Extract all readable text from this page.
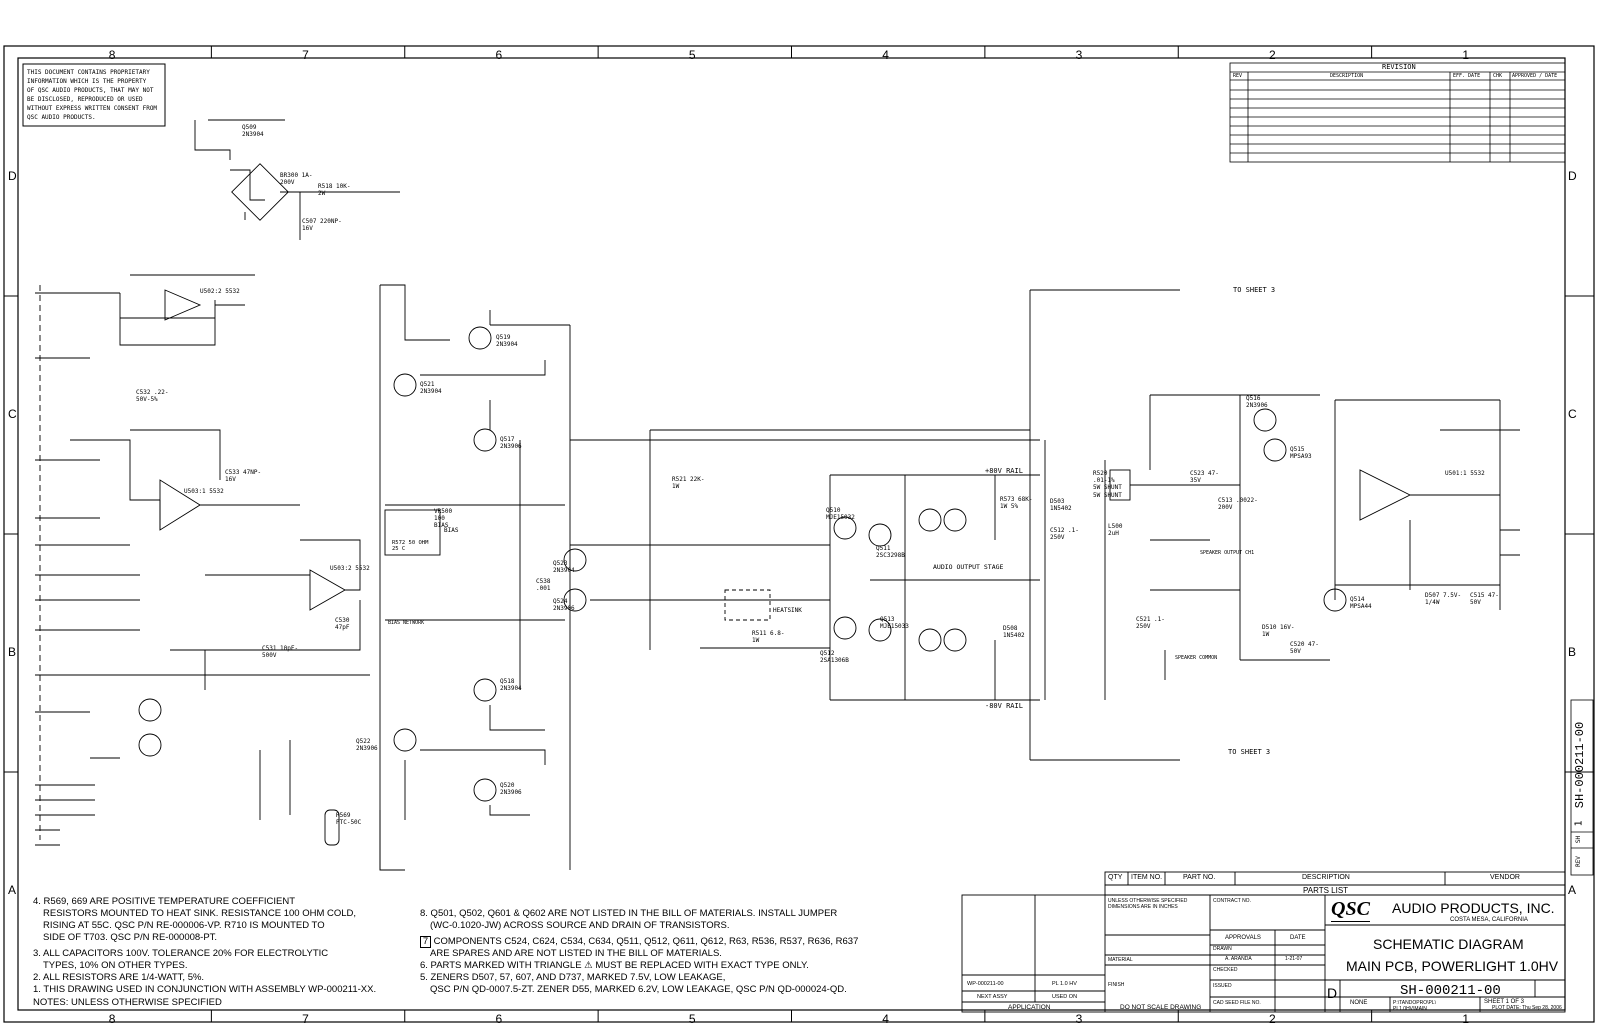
8
8
7
7
6
6
5
5
4
4
3
3
2
2
1
1
D	D
C	C
B	B
A	A
THIS DOCUMENT CONTAINS PROPRIETARY
INFORMATION WHICH IS THE PROPERTY
OF QSC AUDIO PRODUCTS, THAT MAY NOT
BE DISCLOSED, REPRODUCED OR USED
WITHOUT EXPRESS WRITTEN CONSENT FROM
QSC AUDIO PRODUCTS.
REVISION
REV	DESCRIPTION	EFF. DATE	CHK APPROVED / DATE
TO SHEET 3
TO SHEET 3
+80V RAIL
-80V RAIL
AUDIO OUTPUT STAGE
HEATSINK
BIAS
BIAS NETWORK
SPEAKER OUTPUT CH1
SPEAKER COMMON
5W SHUNT
U502:2 5532
U503:1 5532
U503:2 5532
U501:1 5532
BR300 1A-200V
Q509 2N3904
Q519 2N3904
Q521 2N3904
Q517 2N3906
Q523 2N3904
Q524 2N3906
Q518 2N3904
Q522 2N3906
Q520 2N3906
Q510 MJE15032
Q511 2SC3298B
Q513 MJE15033
Q512 2SA1306B
Q515 MPSA93
Q514 MPSA44
Q516 2N3906
R573 68K-1W 5%
L500 2uH
D503 1N5402
D508 1N5402
R520 .01-1% 5W SHUNT
R569 PTC-50C
C507 220NP-16V
R518 10K-2W
R521 22K-1W
R511 6.8-1W
D510 16V-1W
D507 7.5V-1/4W
VR500 100 BIAS
R572 50 OHM 25 C
C538 .001
C530 47pF
C531 10pF-500V
C532 .22-50V-5%
C533 47NP-16V
C523 47-35V
C513 .0022-200V
C512 .1-250V
C521 .1-250V
C520 47-50V
C515 47-50V
4. R569, 669 ARE POSITIVE TEMPERATURE COEFFICIENT
RESISTORS MOUNTED TO HEAT SINK. RESISTANCE 100 OHM COLD,
RISING AT 55C. QSC P/N RE-000006-VP. R710 IS MOUNTED TO
SIDE OF T703. QSC P/N RE-000008-PT.
3. ALL CAPACITORS 100V. TOLERANCE 20% FOR ELECTROLYTIC
TYPES, 10% ON OTHER TYPES.
2. ALL RESISTORS ARE 1/4-WATT, 5%.
1. THIS DRAWING USED IN CONJUNCTION WITH ASSEMBLY WP-000211-XX.
NOTES: UNLESS OTHERWISE SPECIFIED
8. Q501, Q502, Q601 & Q602 ARE NOT LISTED IN THE BILL OF MATERIALS. INSTALL JUMPER
(WC-0.1020-JW) ACROSS SOURCE AND DRAIN OF TRANSISTORS.
7 COMPONENTS C524, C624, C534, C634, Q511, Q512, Q611, Q612, R63, R536, R537, R636, R637
ARE SPARES AND ARE NOT LISTED IN THE BILL OF MATERIALS.
6. PARTS MARKED WITH TRIANGLE ⚠ MUST BE REPLACED WITH EXACT TYPE ONLY.
5. ZENERS D507, 57, 607, AND D737, MARKED 7.5V, LOW LEAKAGE,
QSC P/N QD-0007.5-ZT. ZENER D55, MARKED 6.2V, LOW LEAKAGE, QSC P/N QD-000024-QD.
QTY ITEM NO.	PART NO.	DESCRIPTION	VENDOR
PARTS LIST
QSC AUDIO PRODUCTS, INC.
COSTA MESA, CALIFORNIA
SCHEMATIC DIAGRAM
MAIN PCB, POWERLIGHT 1.0HV
D	SH-000211-00
NONE	SHEET 1 OF 3
P:\TANDOPRO\PL\ PL1.0HV\MAIN	PLOT DATE: Thu Sep 28, 2006
UNLESS OTHERWISE SPECIFIED DIMENSIONS ARE IN INCHES
MATERIAL
FINISH
CONTRACT NO.
APPROVALS	DATE
DRAWN
A. ARANDA	1-21-07
CHECKED
ISSUED
CAD SEED FILE NO.
WP-000211-00	PL 1.0 HV
NEXT ASSY	USED ON
APPLICATION	DO NOT SCALE DRAWING
SH-000211-00
1
SH
REV
